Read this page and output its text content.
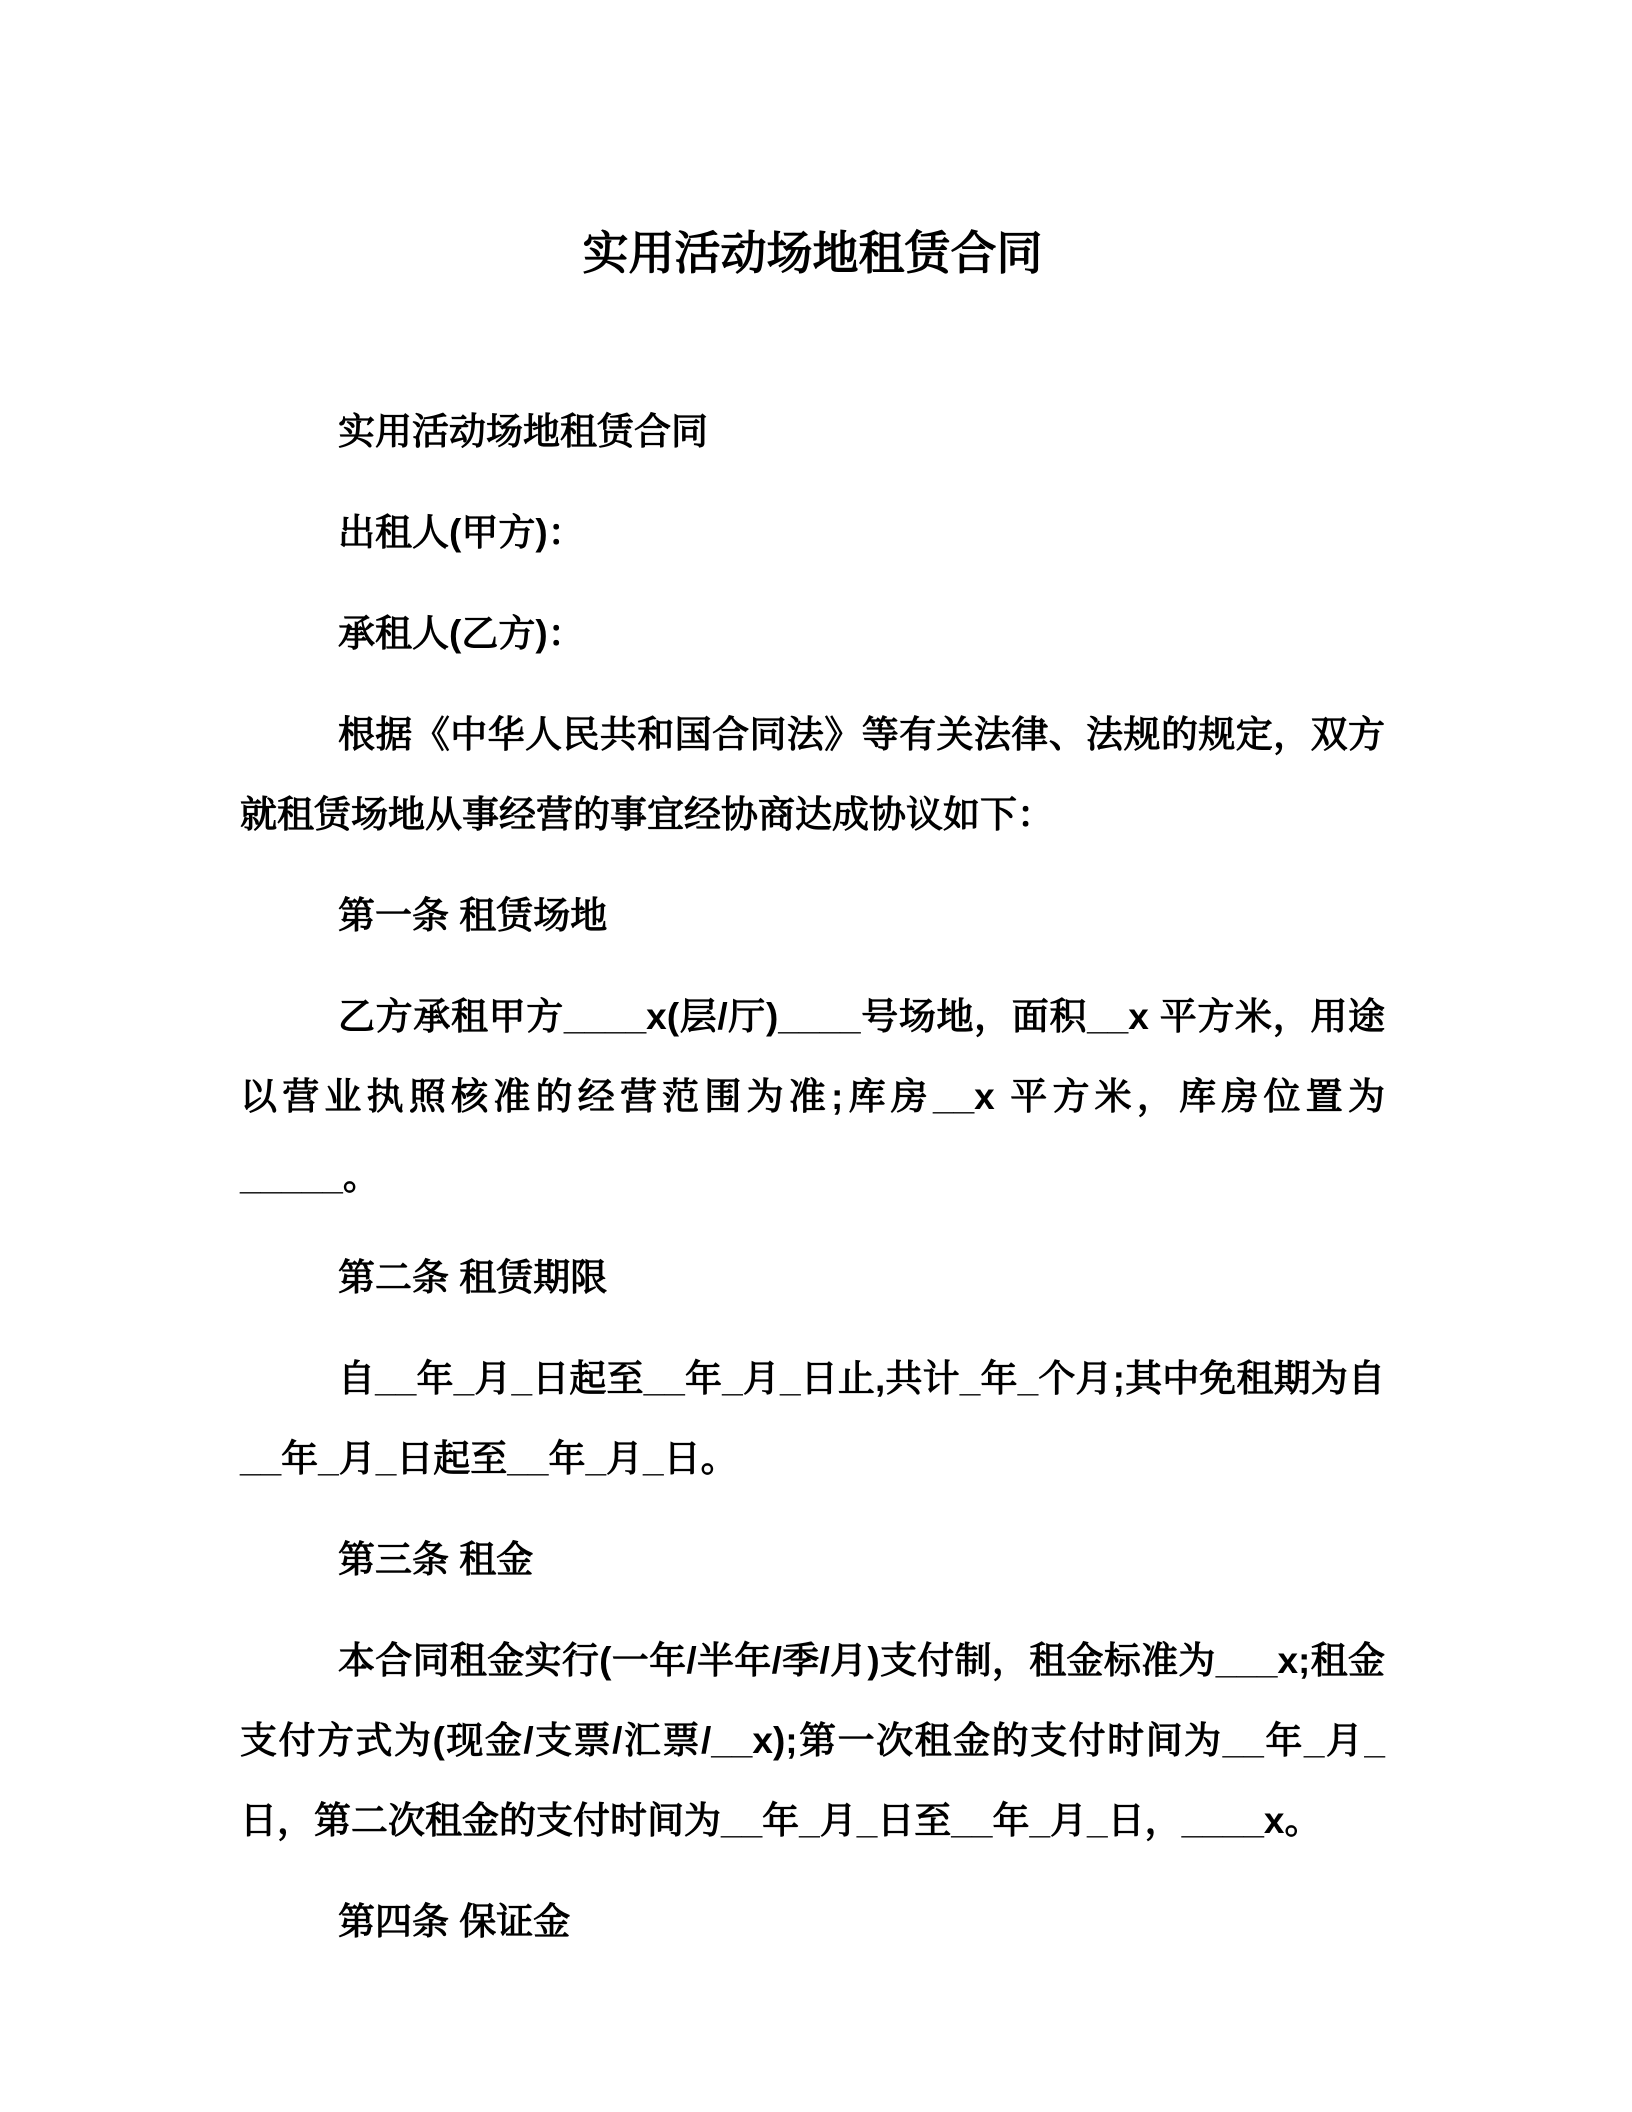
实用活动场地租赁合同

实用活动场地租赁合同

出租人(甲方)：

承租人(乙方)：

根据《中华人民共和国合同法》等有关法律、法规的规定，双方就租赁场地从事经营的事宜经协商达成协议如下：

第一条 租赁场地

乙方承租甲方____x(层/厅)____号场地，面积__x 平方米，用途以营业执照核准的经营范围为准;库房__x 平方米，库房位置为_____。

第二条 租赁期限

自__年_月_日起至__年_月_日止,共计_年_个月;其中免租期为自__年_月_日起至__年_月_日。

第三条 租金

本合同租金实行(一年/半年/季/月)支付制，租金标准为___x;租金支付方式为(现金/支票/汇票/__x);第一次租金的支付时间为__年_月_日，第二次租金的支付时间为__年_月_日至__年_月_日，____x。

第四条 保证金
